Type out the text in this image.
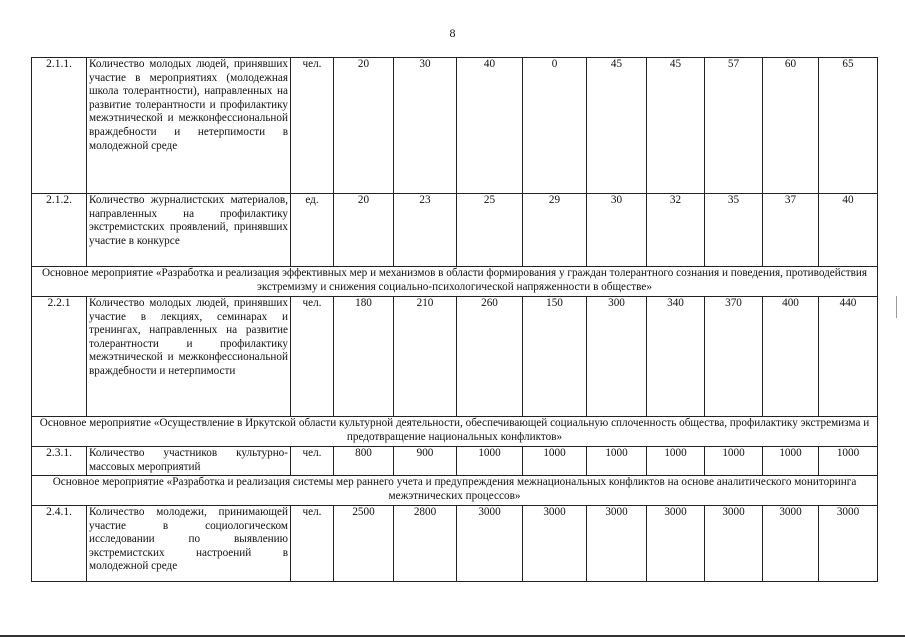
8
2.1.1.	Количество молодых людей, принявших участие в мероприятиях (молодежная школа толерантности), направленных на развитие толерантности и профилактику межэтнической и межконфессиональной враждебности и нетерпимости в молодежной среде	чел.	20	30	40	0	45	45	57	60	65
2.1.2.	Количество журналистских материалов, направленных на профилактику экстремистских проявлений, принявших участие в конкурсе	ед.	20	23	25	29	30	32	35	37	40
Основное мероприятие «Разработка и реализация эффективных мер и механизмов в области формирования у граждан толерантного сознания и поведения, противодействия экстремизму и снижения социально-психологической напряженности в обществе»											
2.2.1	Количество молодых людей, принявших участие в лекциях, семинарах и тренингах, направленных на развитие толерантности и профилактику межэтнической и межконфессиональной враждебности и нетерпимости	чел.	180	210	260	150	300	340	370	400	440
Основное мероприятие «Осуществление в Иркутской области культурной деятельности, обеспечивающей социальную сплоченность общества, профилактику экстремизма и предотвращение национальных конфликтов»											
2.3.1.	Количество участников культурно-массовых мероприятий	чел.	800	900	1000	1000	1000	1000	1000	1000	1000
Основное мероприятие «Разработка и реализация системы мер раннего учета и предупреждения межнациональных конфликтов на основе аналитического мониторинга межэтнических процессов»											
2.4.1.	Количество молодежи, принимающей участие в социологическом исследовании по выявлению экстремистских настроений в молодежной среде	чел.	2500	2800	3000	3000	3000	3000	3000	3000	3000
